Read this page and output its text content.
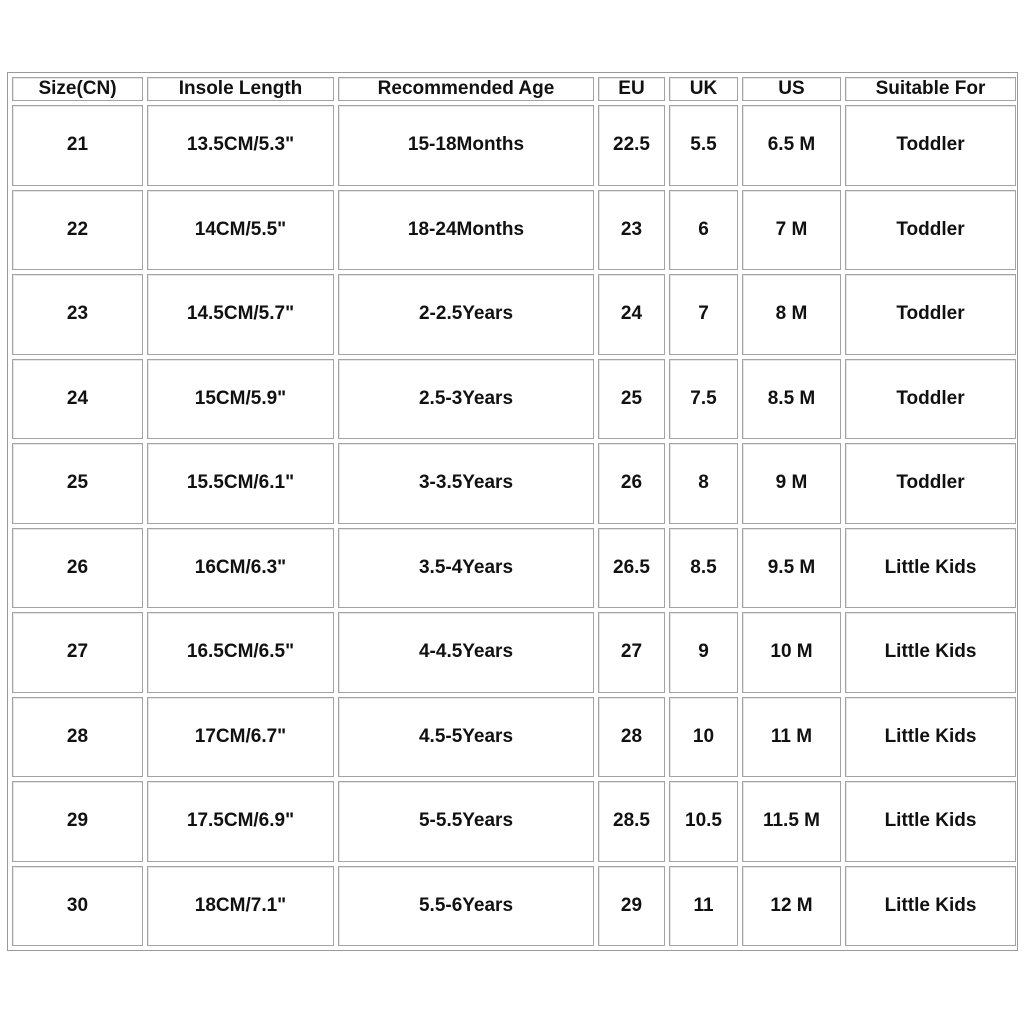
Size(CN)	Insole Length	Recommended Age	EU	UK	US	Suitable For
21	13.5CM/5.3"	15-18Months	22.5	5.5	6.5 M	Toddler
22	14CM/5.5"	18-24Months	23	6	7 M	Toddler
23	14.5CM/5.7"	2-2.5Years	24	7	8 M	Toddler
24	15CM/5.9"	2.5-3Years	25	7.5	8.5 M	Toddler
25	15.5CM/6.1"	3-3.5Years	26	8	9 M	Toddler
26	16CM/6.3"	3.5-4Years	26.5	8.5	9.5 M	Little Kids
27	16.5CM/6.5"	4-4.5Years	27	9	10 M	Little Kids
28	17CM/6.7"	4.5-5Years	28	10	11 M	Little Kids
29	17.5CM/6.9"	5-5.5Years	28.5	10.5	11.5 M	Little Kids
30	18CM/7.1"	5.5-6Years	29	11	12 M	Little Kids
